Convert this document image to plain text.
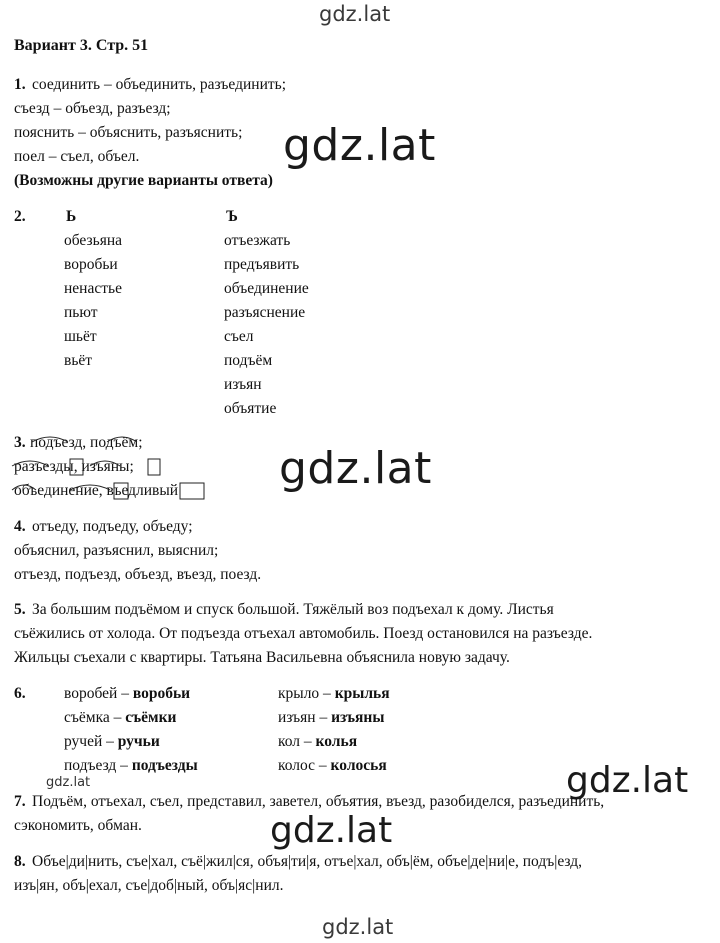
gdz.lat
gdz.lat
gdz.lat
gdz.lat
gdz.lat
gdz.lat
gdz.lat
Вариант 3. Стр. 51
1. соединить – объединить, разъединить;
съезд – объезд, разъезд;
пояснить – объяснить, разъяснить;
поел – съел, объел.
(Возможны другие варианты ответа)
2.	Ь	Ъ
обезьяна
воробьи
ненастье
пьют
шьёт
вьёт
отъезжать
предъявить
объединение
разъяснение
съел
подъём
изъян
объятие
3. подъезд, подъём;
разъезды, изъяны;
объединение, въедливый
4. отъеду, подъеду, объеду;
объяснил, разъяснил, выяснил;
отъезд, подъезд, объезд, въезд, поезд.
5. За большим подъёмом и спуск большой. Тяжёлый воз подъехал к дому. Листья
съёжились от холода. От подъезда отъехал автомобиль. Поезд остановился на разъезде.
Жильцы съехали с квартиры. Татьяна Васильевна объяснила новую задачу.
6. воробей – воробьи
съёмка – съёмки
ручей – ручьи
подъезд – подъезды
крыло – крылья
изъян – изъяны
кол – колья
колос – колосья
7. Подъём, отъехал, съел, представил, заветел, объятия, въезд, разобиделся, разъединить,
сэкономить, обман.
8. Объе|ди|нить, съе|хал, съё|жил|ся, объя|ти|я, отъе|хал, объ|ём, объе|де|ни|е, подъ|езд,
изъ|ян, объ|ехал, съе|доб|ный, объ|яс|нил.
